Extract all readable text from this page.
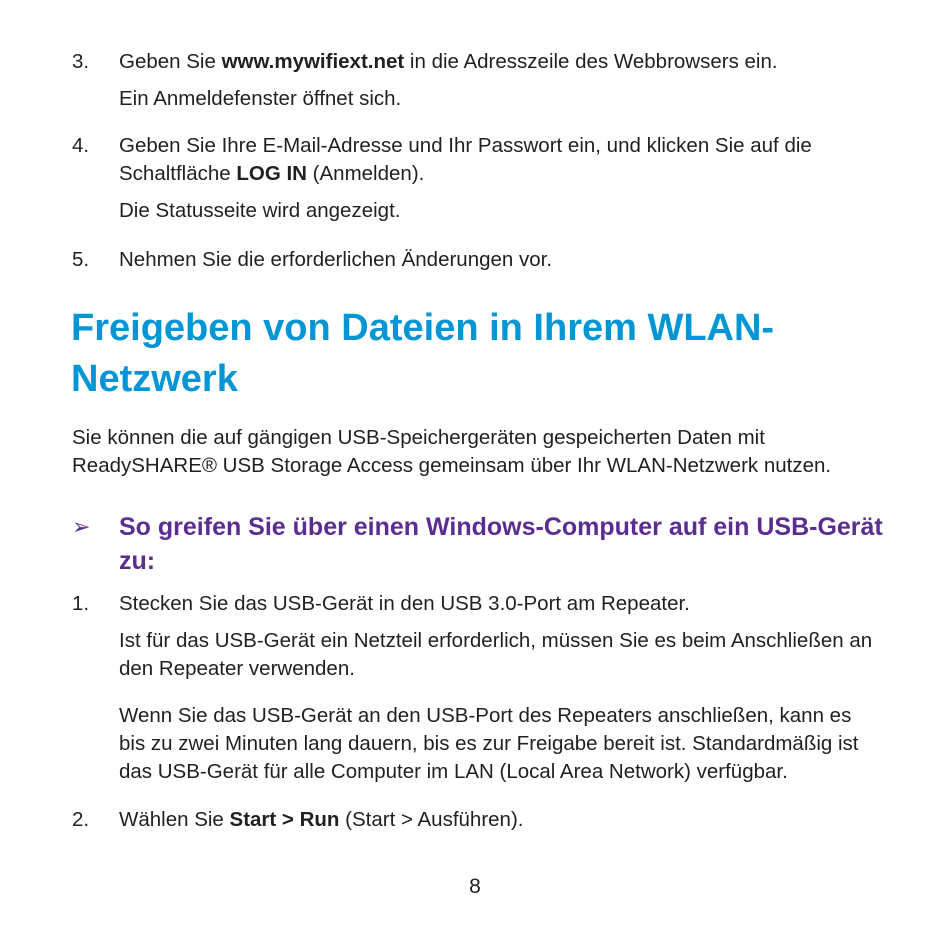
3.	Geben Sie www.mywifiext.net in die Adresszeile des Webbrowsers ein.

Ein Anmeldefenster öffnet sich.

4.	Geben Sie Ihre E-Mail-Adresse und Ihr Passwort ein, und klicken Sie auf die Schaltfläche LOG IN (Anmelden).

Die Statusseite wird angezeigt.

5.	Nehmen Sie die erforderlichen Änderungen vor.

Freigeben von Dateien in Ihrem WLAN-Netzwerk

Sie können die auf gängigen USB-Speichergeräten gespeicherten Daten mit ReadySHARE® USB Storage Access gemeinsam über Ihr WLAN-Netzwerk nutzen.

➢	So greifen Sie über einen Windows-Computer auf ein USB-Gerät zu:
1.	Stecken Sie das USB-Gerät in den USB 3.0-Port am Repeater.

Ist für das USB-Gerät ein Netzteil erforderlich, müssen Sie es beim Anschließen an den Repeater verwenden.

Wenn Sie das USB-Gerät an den USB-Port des Repeaters anschließen, kann es bis zu zwei Minuten lang dauern, bis es zur Freigabe bereit ist. Standardmäßig ist das USB-Gerät für alle Computer im LAN (Local Area Network) verfügbar.

2.	Wählen Sie Start > Run (Start > Ausführen).

8
